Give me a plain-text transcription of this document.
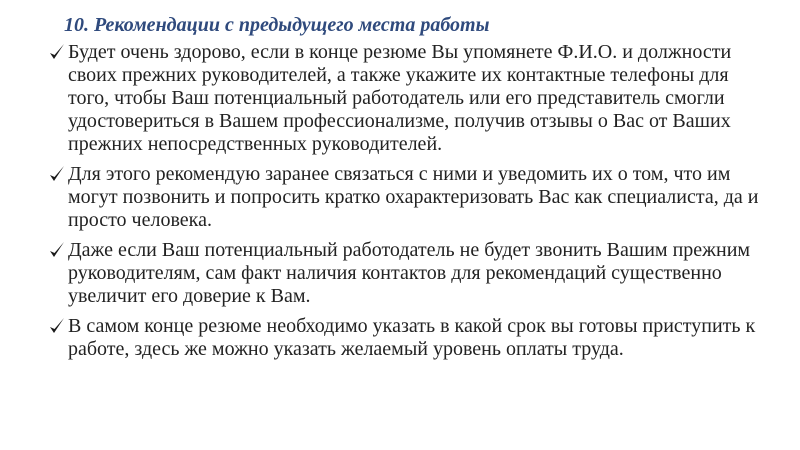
10. Рекомендации с предыдущего места работы
Будет очень здорово, если в конце резюме Вы упомянете Ф.И.О. и должности своих прежних руководителей, а также укажите их контактные телефоны для того, чтобы Ваш потенциальный работодатель или его представитель смогли удостовериться в Вашем профессионализме, получив отзывы о Вас от Ваших прежних непосредственных руководителей.
Для этого рекомендую заранее связаться с ними и уведомить их о том, что им могут позвонить и попросить кратко охарактеризовать Вас как специалиста, да и просто человека.
Даже если Ваш потенциальный работодатель не будет звонить Вашим прежним руководителям, сам факт наличия контактов для рекомендаций существенно увеличит его доверие к Вам.
В самом конце резюме необходимо указать в какой срок вы готовы приступить к работе, здесь же можно указать желаемый уровень оплаты труда.
